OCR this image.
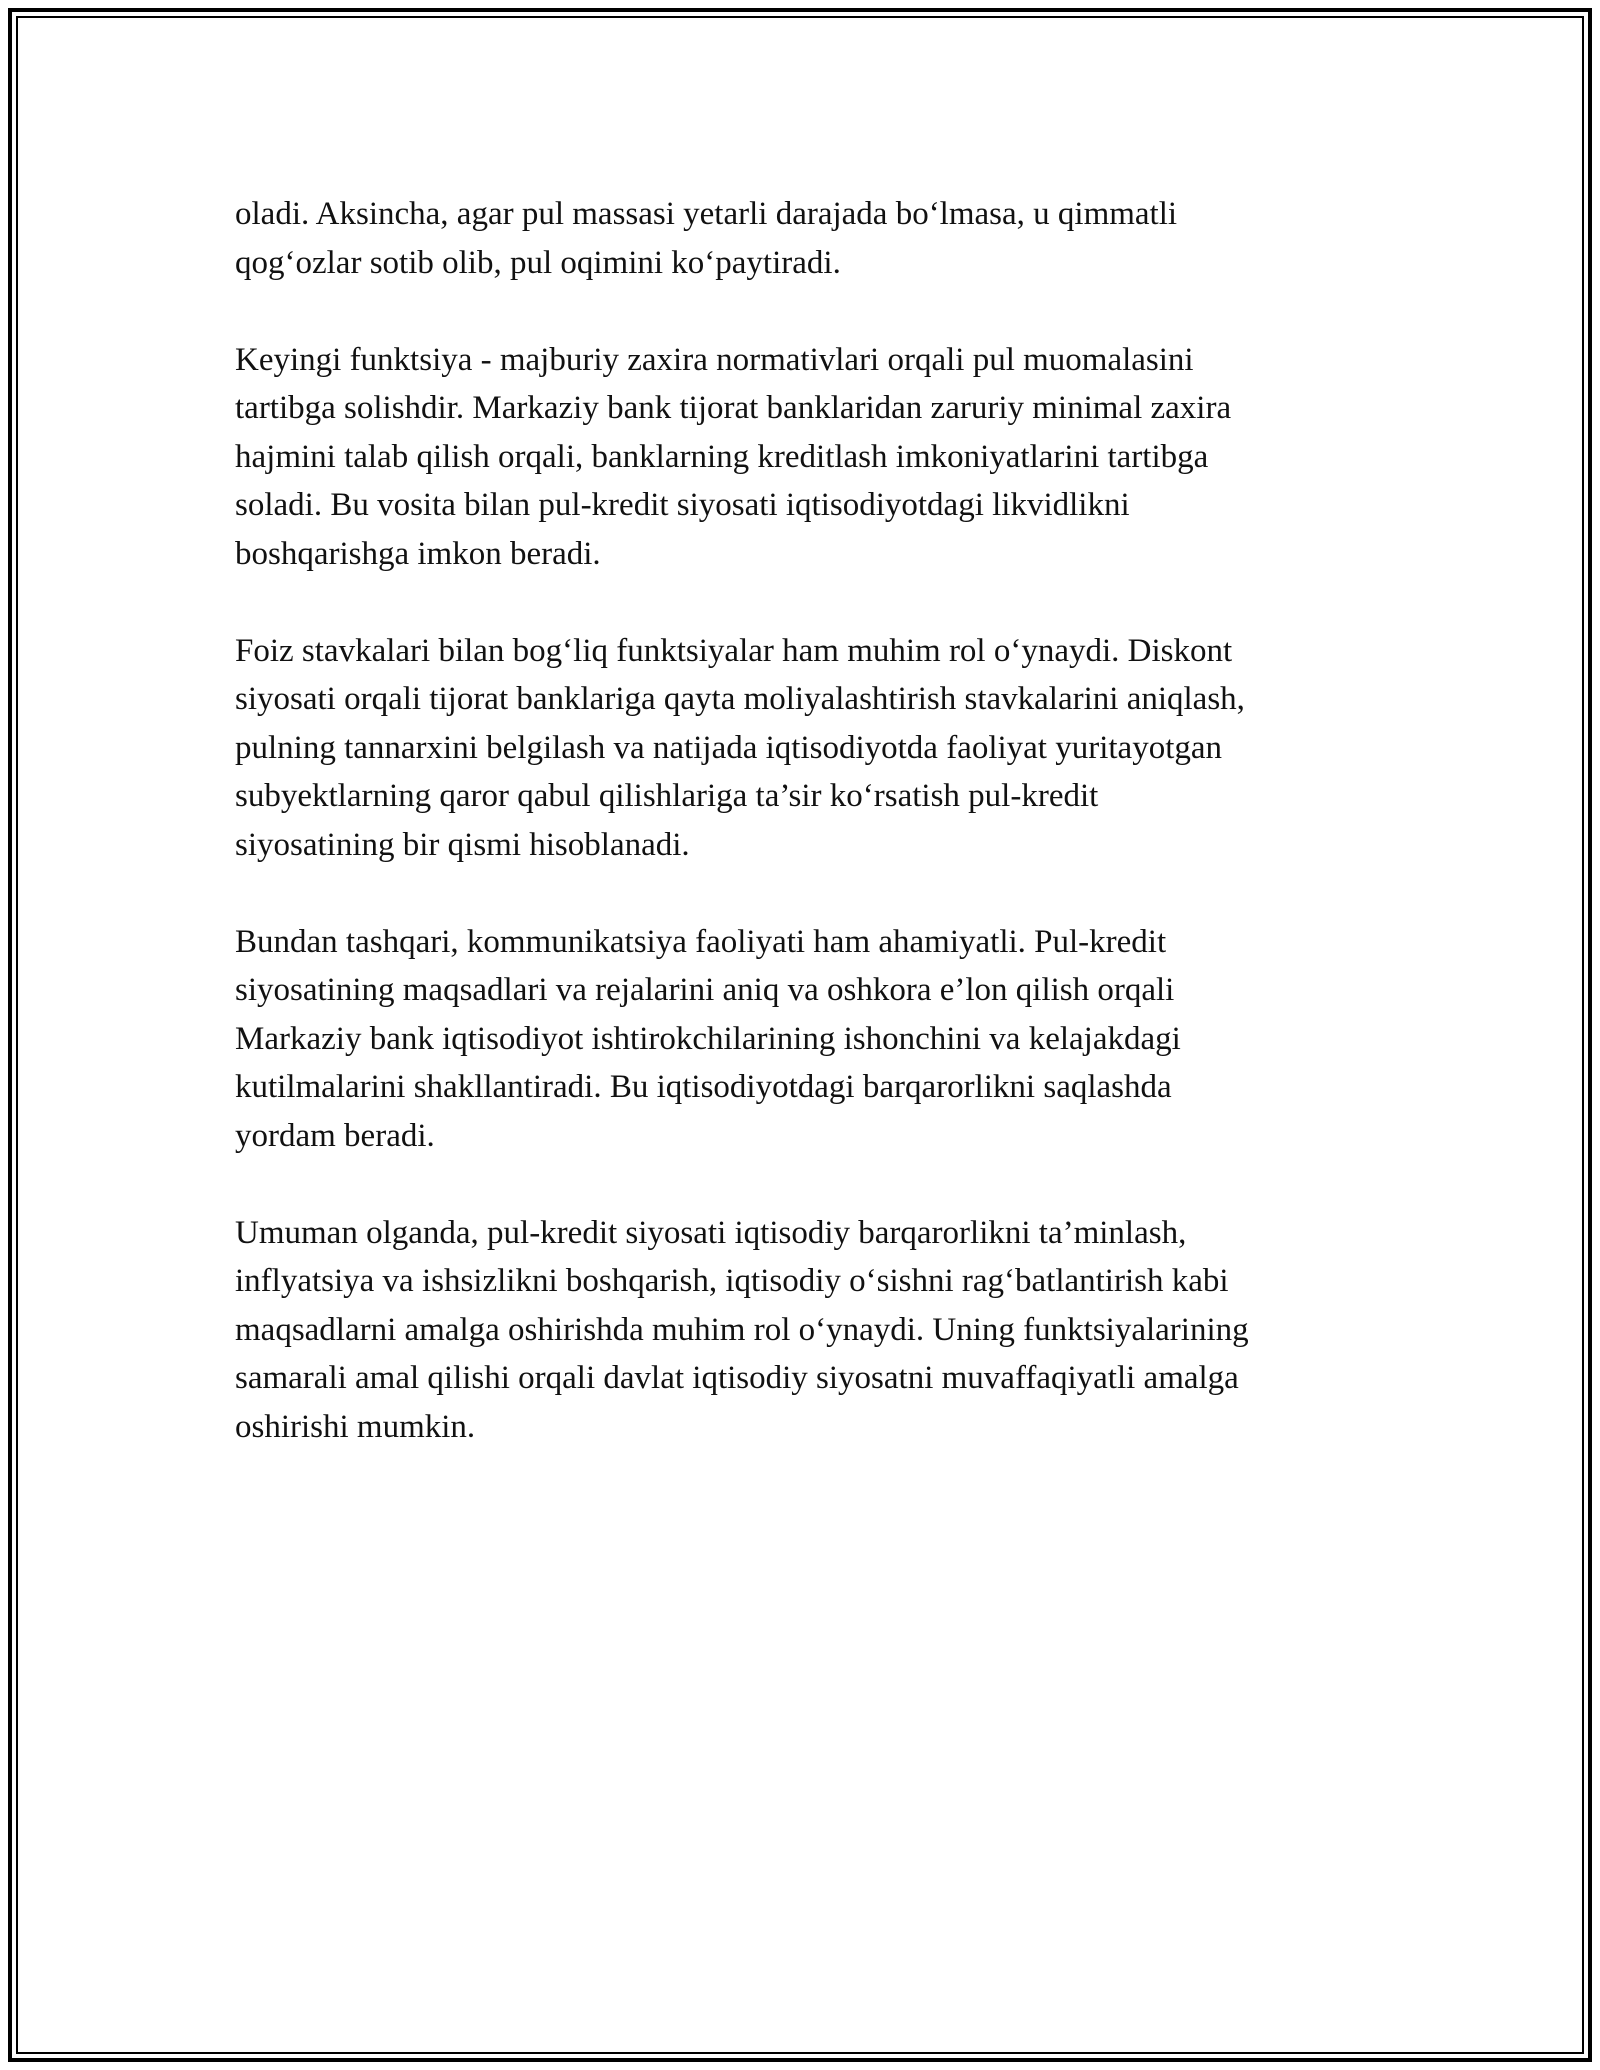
oladi. Aksincha, agar pul massasi yetarli darajada bo‘lmasa, u qimmatli
qog‘ozlar sotib olib, pul oqimini ko‘paytiradi.

Keyingi funktsiya - majburiy zaxira normativlari orqali pul muomalasini
tartibga solishdir. Markaziy bank tijorat banklaridan zaruriy minimal zaxira
hajmini talab qilish orqali, banklarning kreditlash imkoniyatlarini tartibga
soladi. Bu vosita bilan pul-kredit siyosati iqtisodiyotdagi likvidlikni
boshqarishga imkon beradi.

Foiz stavkalari bilan bog‘liq funktsiyalar ham muhim rol o‘ynaydi. Diskont
siyosati orqali tijorat banklariga qayta moliyalashtirish stavkalarini aniqlash,
pulning tannarxini belgilash va natijada iqtisodiyotda faoliyat yuritayotgan
subyektlarning qaror qabul qilishlariga ta’sir ko‘rsatish pul-kredit
siyosatining bir qismi hisoblanadi.

Bundan tashqari, kommunikatsiya faoliyati ham ahamiyatli. Pul-kredit
siyosatining maqsadlari va rejalarini aniq va oshkora e’lon qilish orqali
Markaziy bank iqtisodiyot ishtirokchilarining ishonchini va kelajakdagi
kutilmalarini shakllantiradi. Bu iqtisodiyotdagi barqarorlikni saqlashda
yordam beradi.

Umuman olganda, pul-kredit siyosati iqtisodiy barqarorlikni ta’minlash,
inflyatsiya va ishsizlikni boshqarish, iqtisodiy o‘sishni rag‘batlantirish kabi
maqsadlarni amalga oshirishda muhim rol o‘ynaydi. Uning funktsiyalarining
samarali amal qilishi orqali davlat iqtisodiy siyosatni muvaffaqiyatli amalga
oshirishi mumkin.
